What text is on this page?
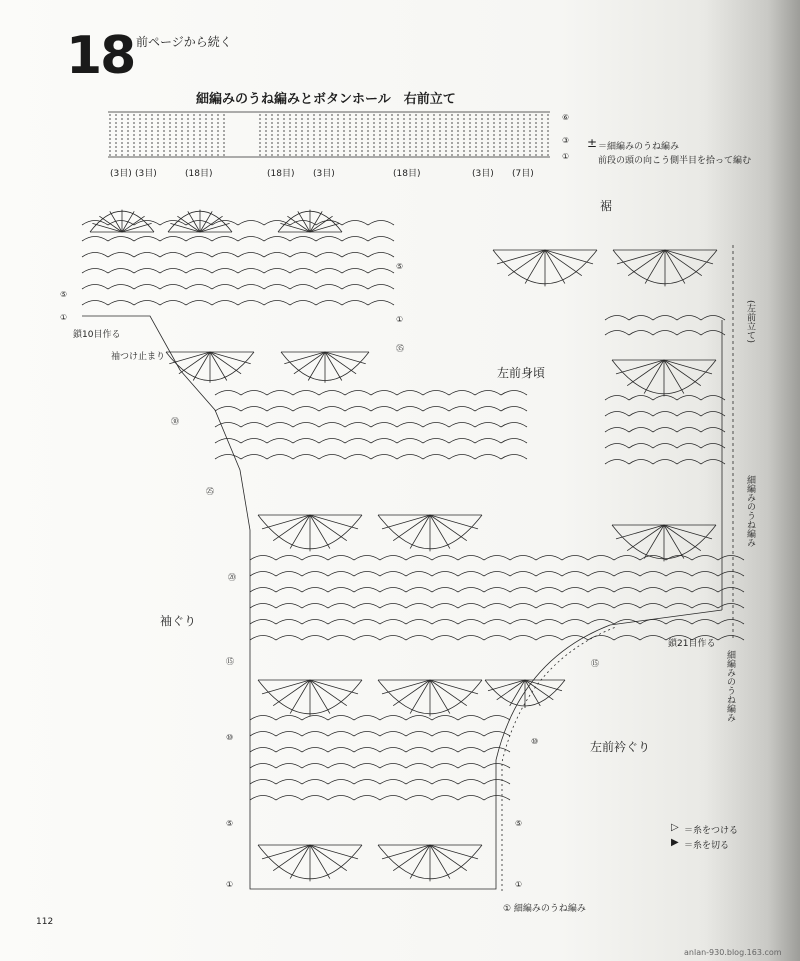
18 前ページから続く
細編みのうね編みとボタンホール　右前立て
⑥
③
①
(3目) (3目)	(18目)	(18目) (3目)	(18目)	(3目) (7目)
± ＝細編みのうね編み
前段の頭の向こう側半目を拾って編む
裾
左前身頃
袖ぐり
左前衿ぐり
鎖10目作る
袖つけ止まり
鎖21目作る
① 細編みのうね編み
細編みのうね編み
(左前立て)
細編みのうね編み
①
⑤
⑩
⑮
⑳
㉕
㉚
㉟
①
⑤
①
⑤
⑩
⑮
①
⑤
▷ ＝糸をつける
▶ ＝糸を切る
112
anlan-930.blog.163.com
